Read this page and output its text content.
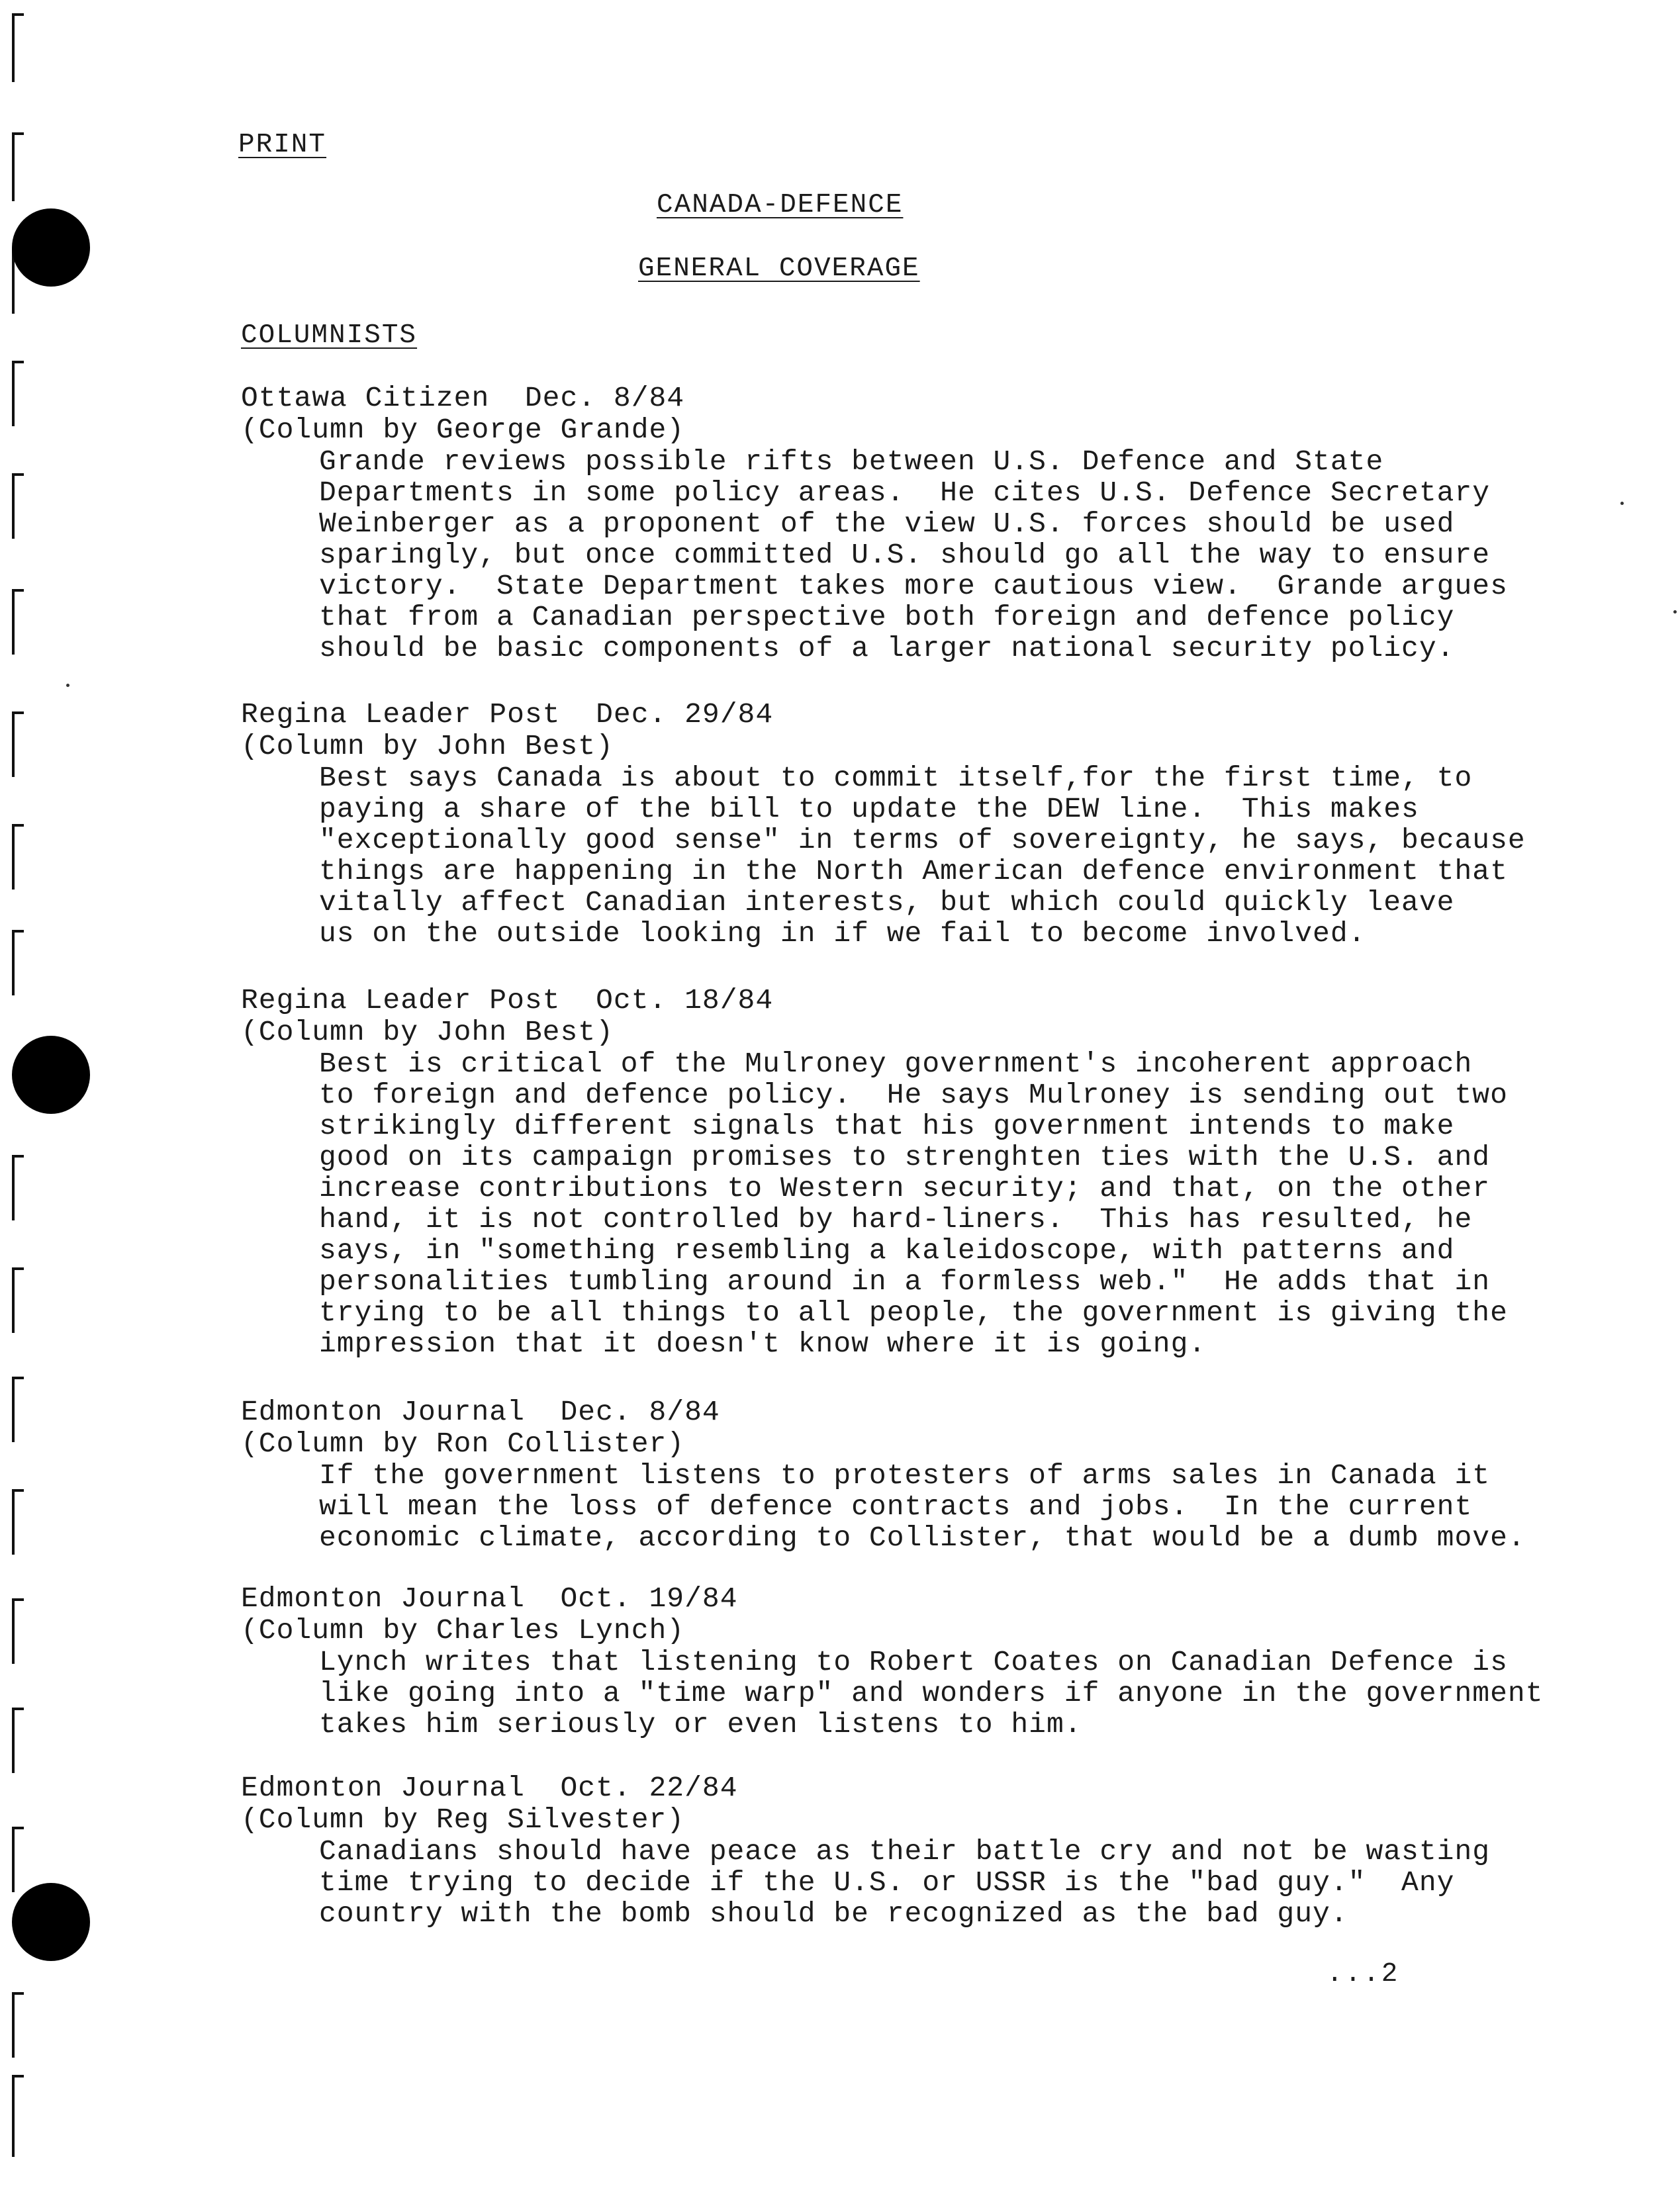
PRINT
CANADA-DEFENCE
GENERAL COVERAGE
COLUMNISTS
Ottawa Citizen  Dec. 8/84
(Column by George Grande)
Grande reviews possible rifts between U.S. Defence and State
Departments in some policy areas.  He cites U.S. Defence Secretary
Weinberger as a proponent of the view U.S. forces should be used
sparingly, but once committed U.S. should go all the way to ensure
victory.  State Department takes more cautious view.  Grande argues
that from a Canadian perspective both foreign and defence policy
should be basic components of a larger national security policy.
Regina Leader Post  Dec. 29/84
(Column by John Best)
Best says Canada is about to commit itself,for the first time, to
paying a share of the bill to update the DEW line.  This makes
"exceptionally good sense" in terms of sovereignty, he says, because
things are happening in the North American defence environment that
vitally affect Canadian interests, but which could quickly leave
us on the outside looking in if we fail to become involved.
Regina Leader Post  Oct. 18/84
(Column by John Best)
Best is critical of the Mulroney government's incoherent approach
to foreign and defence policy.  He says Mulroney is sending out two
strikingly different signals that his government intends to make
good on its campaign promises to strenghten ties with the U.S. and
increase contributions to Western security; and that, on the other
hand, it is not controlled by hard-liners.  This has resulted, he
says, in "something resembling a kaleidoscope, with patterns and
personalities tumbling around in a formless web."  He adds that in
trying to be all things to all people, the government is giving the
impression that it doesn't know where it is going.
Edmonton Journal  Dec. 8/84
(Column by Ron Collister)
If the government listens to protesters of arms sales in Canada it
will mean the loss of defence contracts and jobs.  In the current
economic climate, according to Collister, that would be a dumb move.
Edmonton Journal  Oct. 19/84
(Column by Charles Lynch)
Lynch writes that listening to Robert Coates on Canadian Defence is
like going into a "time warp" and wonders if anyone in the government
takes him seriously or even listens to him.
Edmonton Journal  Oct. 22/84
(Column by Reg Silvester)
Canadians should have peace as their battle cry and not be wasting
time trying to decide if the U.S. or USSR is the "bad guy."  Any
country with the bomb should be recognized as the bad guy.
...2
